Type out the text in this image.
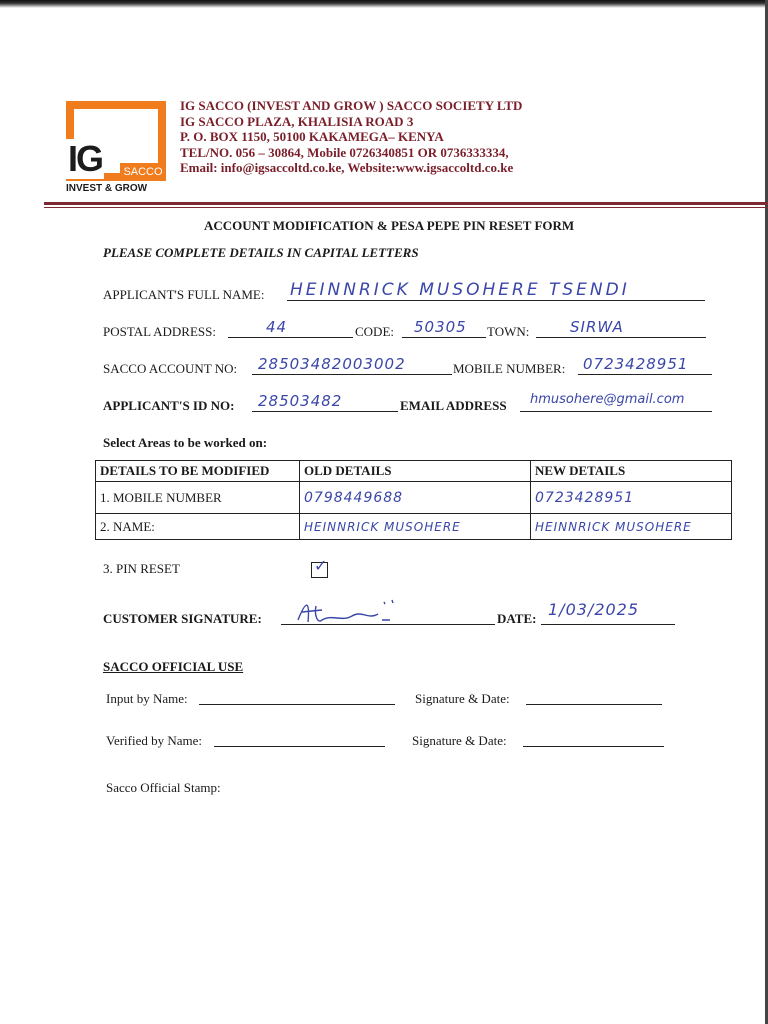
IG	SACCO
INVEST & GROW
IG SACCO (INVEST AND GROW ) SACCO SOCIETY LTD
IG SACCO PLAZA, KHALISIA ROAD 3
P. O. BOX 1150, 50100 KAKAMEGA– KENYA
TEL/NO. 056 – 30864, Mobile 0726340851 OR 0736333334,
Email: info@igsaccoltd.co.ke, Website:www.igsaccoltd.co.ke
ACCOUNT MODIFICATION & PESA PEPE PIN RESET FORM
PLEASE COMPLETE DETAILS IN CAPITAL LETTERS
APPLICANT'S FULL NAME: HEINNRICK MUSOHERE TSENDI
POSTAL ADDRESS:	44	CODE: 50305 TOWN:	SIRWA
SACCO ACCOUNT NO: 28503482003002	MOBILE NUMBER: 0723428951
APPLICANT'S ID NO: 28503482	EMAIL ADDRESS hmusohere@gmail.com
Select Areas to be worked on:
DETAILS TO BE MODIFIED	OLD DETAILS	NEW DETAILS
1. MOBILE NUMBER	0798449688	0723428951
2. NAME:	HEINNRICK MUSOHERE	HEINNRICK MUSOHERE
3. PIN RESET	✓
CUSTOMER SIGNATURE:	DATE: 1/03/2025
SACCO OFFICIAL USE
Input by Name:	Signature & Date:
Verified by Name:	Signature & Date:
Sacco Official Stamp:
